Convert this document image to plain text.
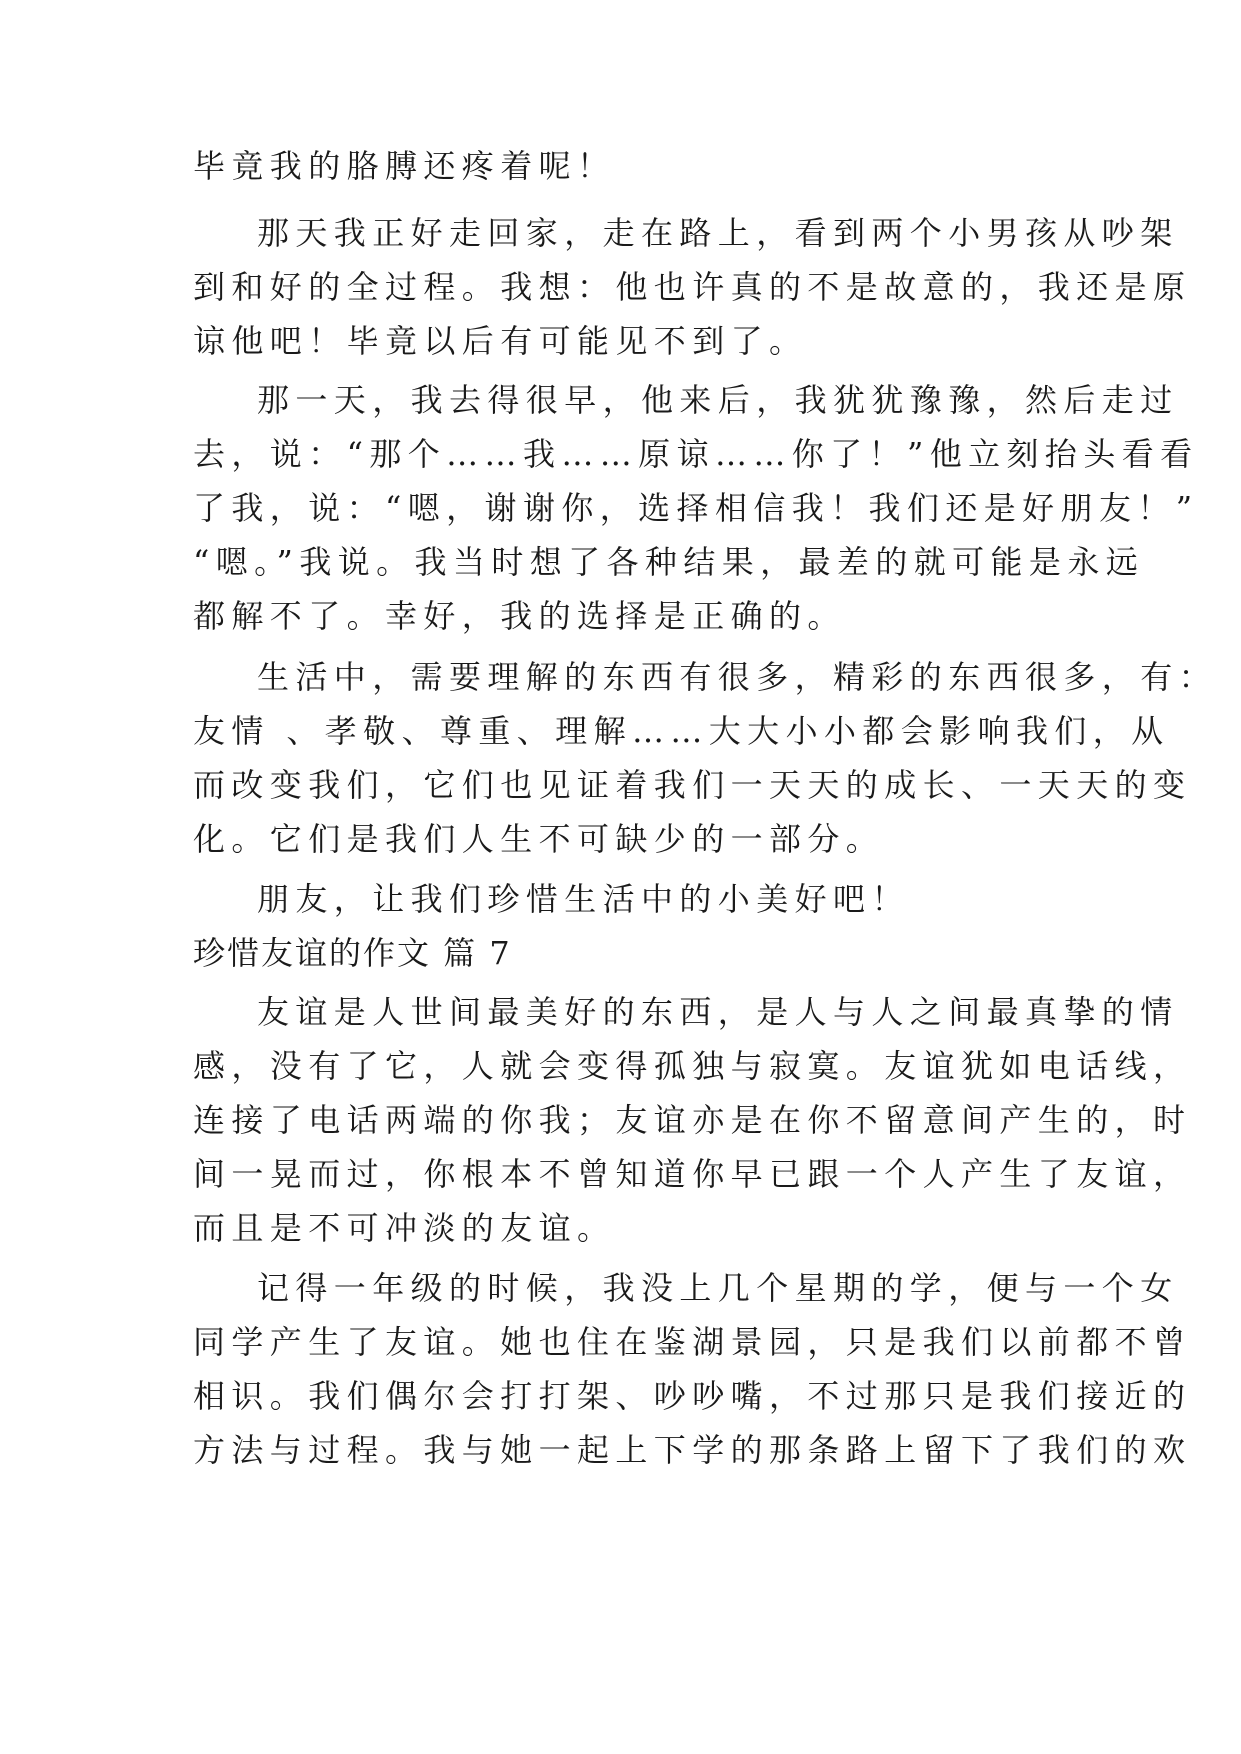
毕竟我的胳膊还疼着呢！
那天我正好走回家，走在路上，看到两个小男孩从吵架
到和好的全过程。我想：他也许真的不是故意的，我还是原
谅他吧！毕竟以后有可能见不到了。
那一天，我去得很早，他来后，我犹犹豫豫，然后走过
去，说：“那个……我……原谅……你了！”他立刻抬头看看
了我，说：“嗯，谢谢你，选择相信我！我们还是好朋友！”
“嗯。”我说。我当时想了各种结果，最差的就可能是永远
都解不了。幸好，我的选择是正确的。
生活中，需要理解的东西有很多，精彩的东西很多，有：
友情 、孝敬、尊重、理解……大大小小都会影响我们，从
而改变我们，它们也见证着我们一天天的成长、一天天的变
化。它们是我们人生不可缺少的一部分。
朋友，让我们珍惜生活中的小美好吧！
珍惜友谊的作文 篇 7
友谊是人世间最美好的东西，是人与人之间最真挚的情
感，没有了它，人就会变得孤独与寂寞。友谊犹如电话线，
连接了电话两端的你我；友谊亦是在你不留意间产生的，时
间一晃而过，你根本不曾知道你早已跟一个人产生了友谊，
而且是不可冲淡的友谊。
记得一年级的时候，我没上几个星期的学，便与一个女
同学产生了友谊。她也住在鉴湖景园，只是我们以前都不曾
相识。我们偶尔会打打架、吵吵嘴，不过那只是我们接近的
方法与过程。我与她一起上下学的那条路上留下了我们的欢
